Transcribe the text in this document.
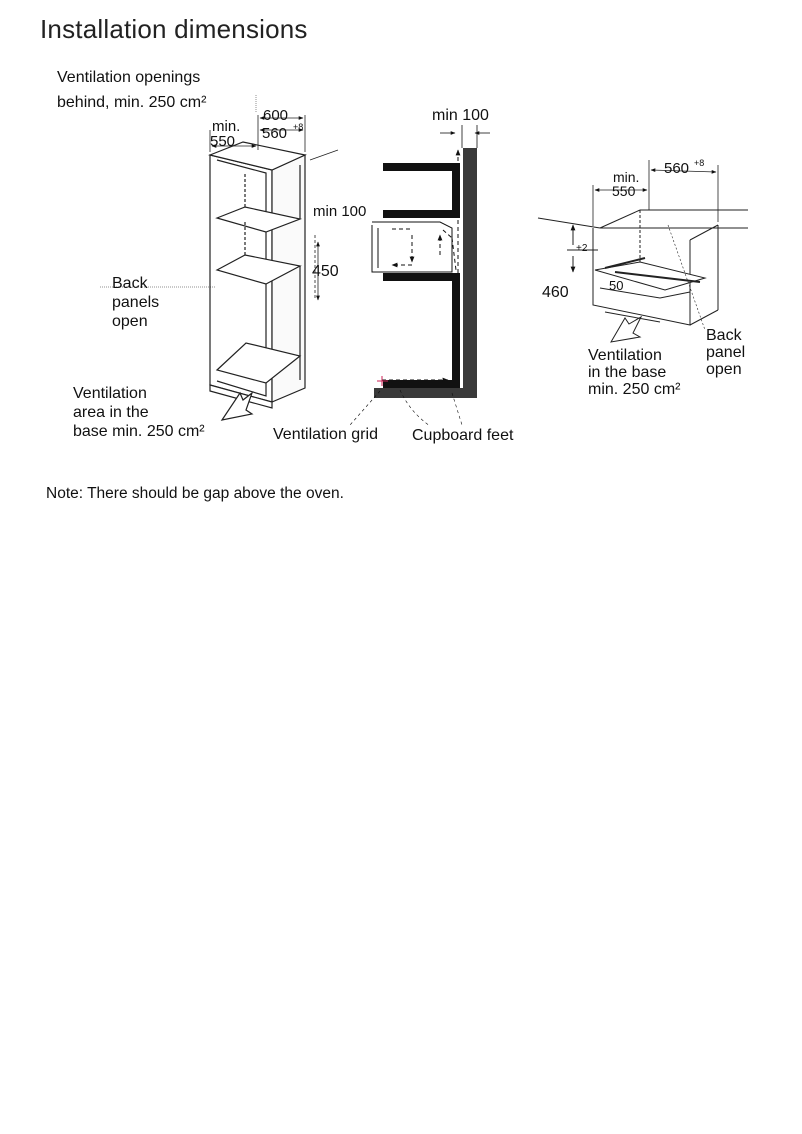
Installation dimensions
Ventilation openings
behind, min. 250 cm²
600
min.
550 560 +8
min 100
450
Back
panels
open
Ventilation
area in the
base min. 250 cm²
min 100
Ventilation grid Cupboard feet
min.
550
560 +8
+2
460	50
Back
panel
open
Ventilation
in the base
min. 250 cm²
Note: There should be gap above the oven.
